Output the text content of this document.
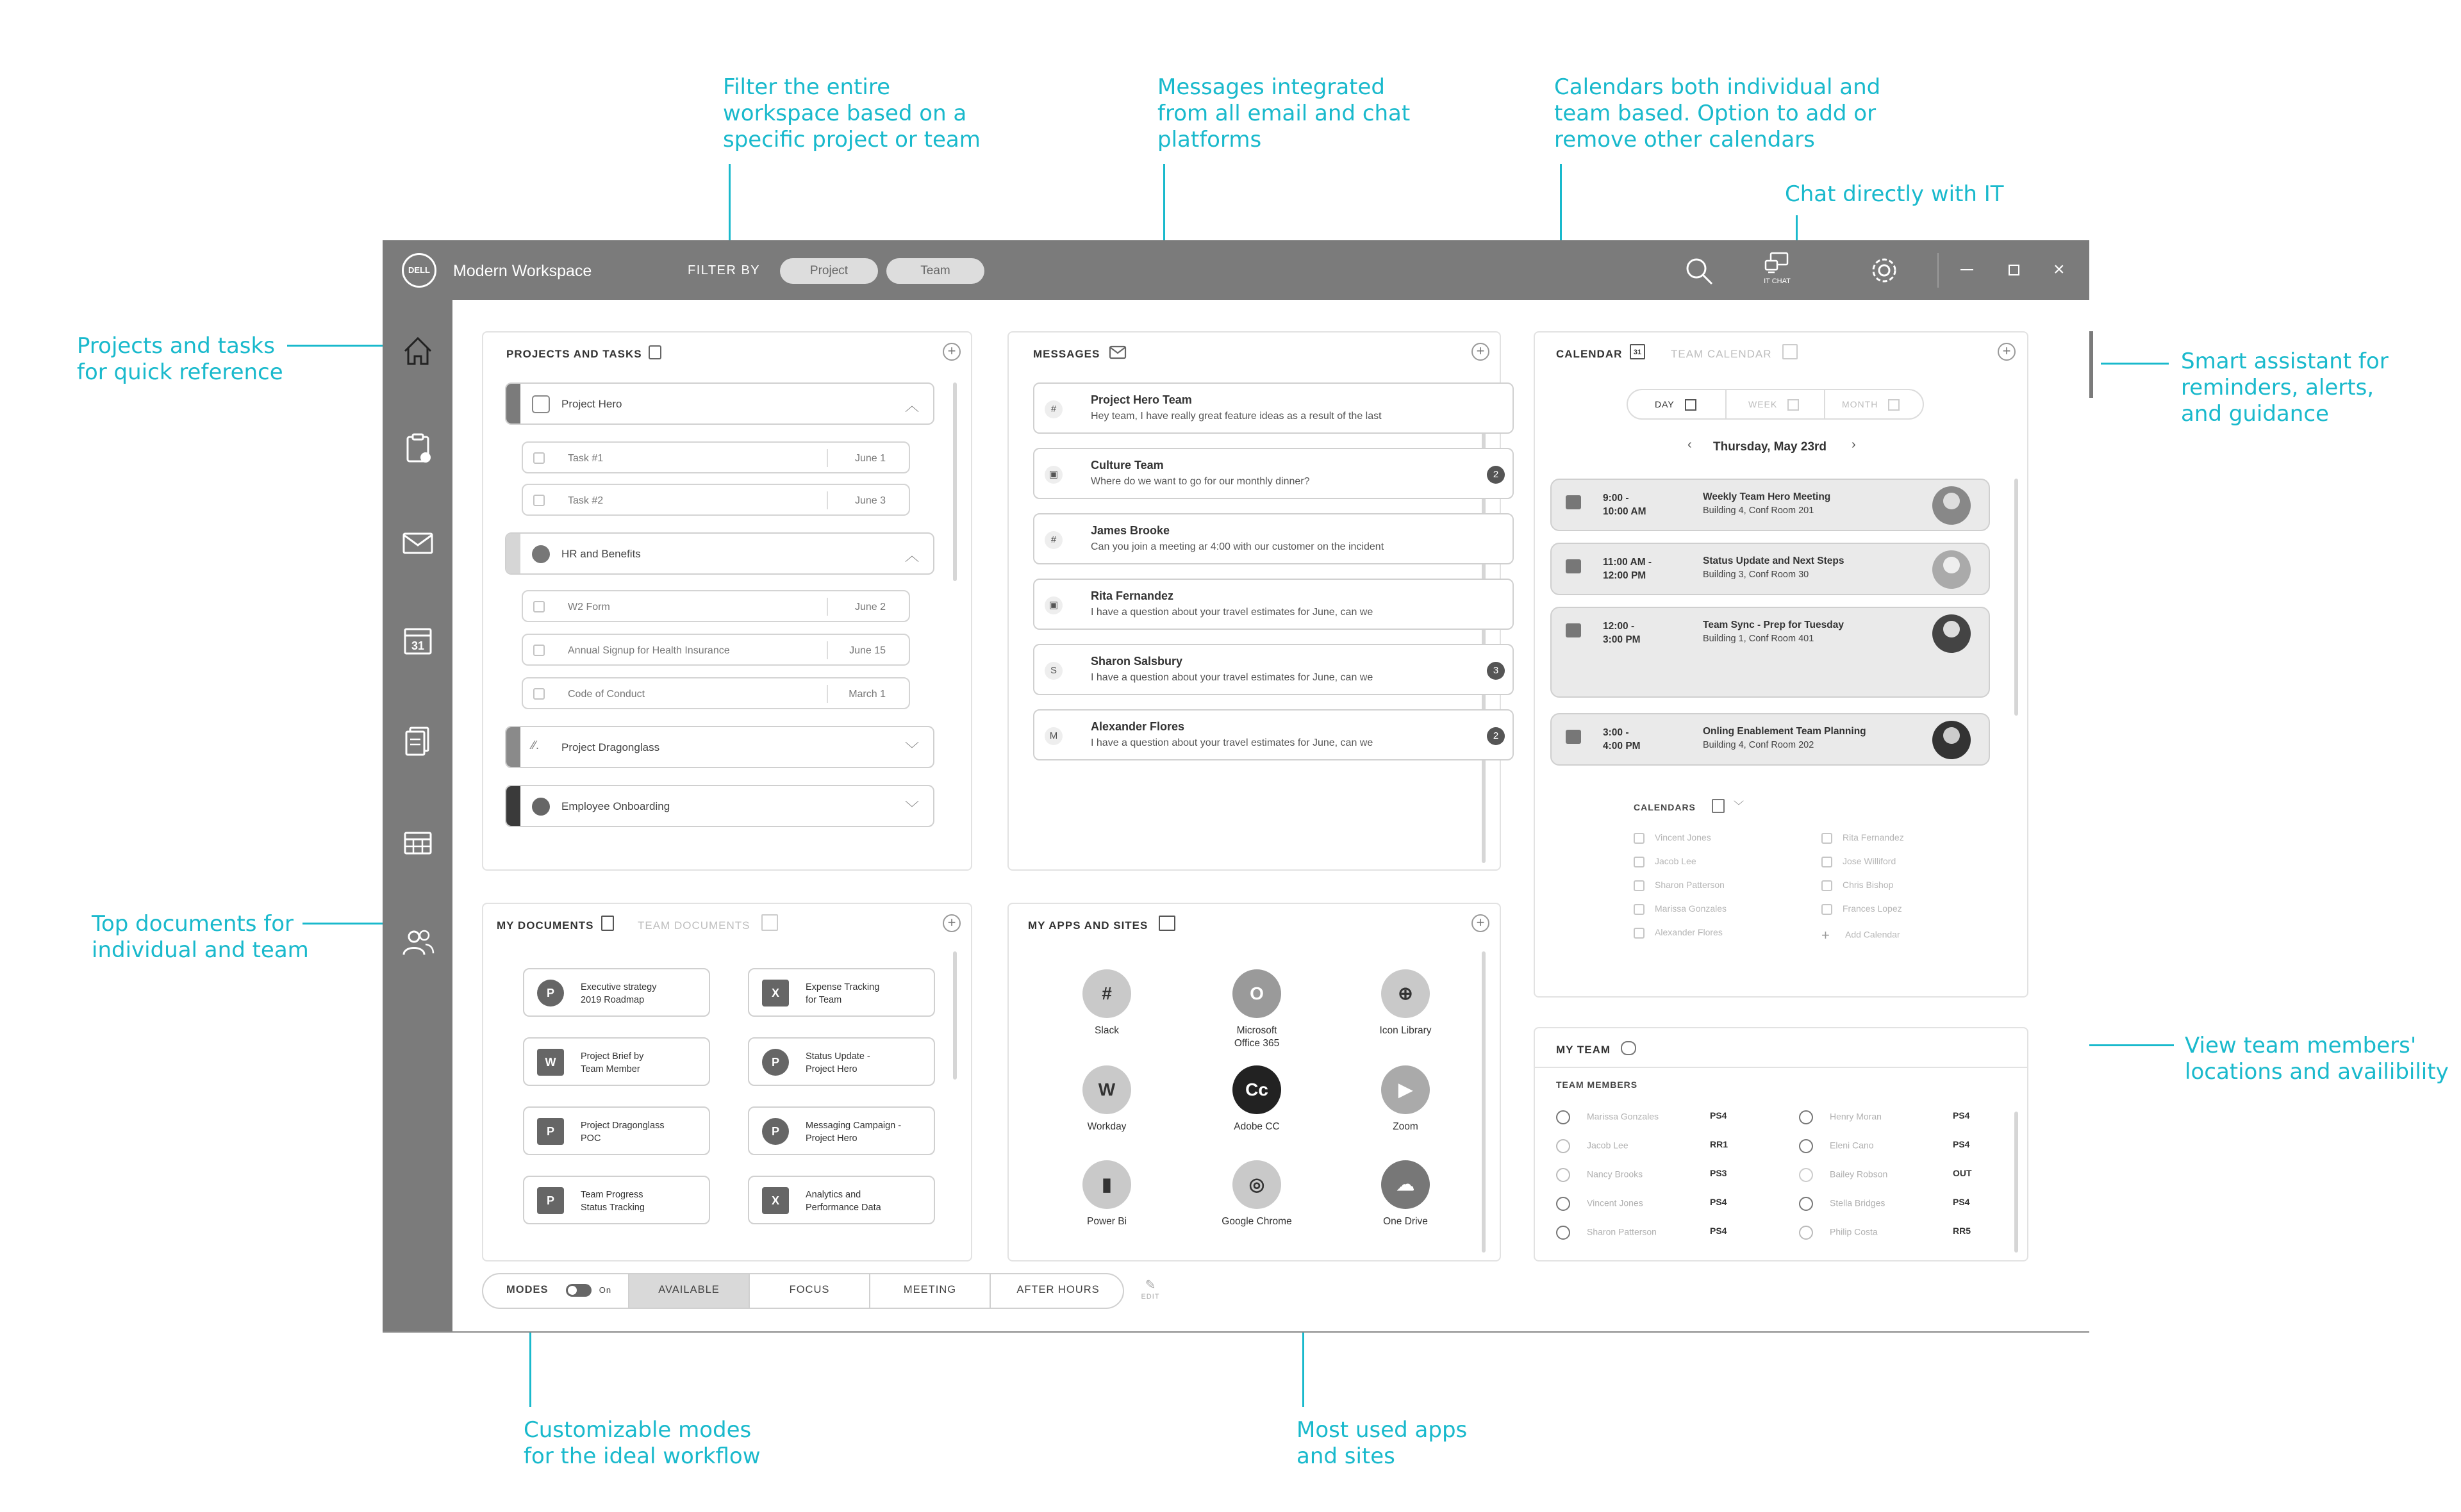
Filter the entire
workspace based on a
specific project or team
Messages integrated
from all email and chat
platforms
Calendars both individual and
team based. Option to add or
remove other calendars
Chat directly with IT
Projects and tasks
for quick reference	Smart assistant for
reminders, alerts,
and guidance
Top documents for
individual and team
View team members'
locations and availibility
Customizable modes
for the ideal workflow
Most used apps
and sites
DELL	Modern Workspace	FILTER BY	Project	Team
IT CHAT
×
31
PROJECTS AND TASKS	+
Project Hero	︿
Task #1	June 1
Task #2	June 3
HR and Benefits	︿
W2 Form	June 2
Annual Signup for Health Insurance	June 15
Code of Conduct	March 1
⁄⁄.	Project Dragonglass	﹀
Employee Onboarding	﹀
MESSAGES	+
#
Project Hero Team
Hey team, I have really great feature ideas as a result of the last
▣
Culture Team
Where do we want to go for our monthly dinner?
2
#
James Brooke
Can you join a meeting ar 4:00 with our customer on the incident
▣
Rita Fernandez
I have a question about your travel estimates for June, can we
S
Sharon Salsbury
I have a question about your travel estimates for June, can we
3
M
Alexander Flores
I have a question about your travel estimates for June, can we
2
CALENDAR	31	TEAM CALENDAR	+
DAY	WEEK	MONTH
‹ Thursday, May 23rd ›
9:00 -
10:00 AM
Weekly Team Hero Meeting
Building 4, Conf Room 201
11:00 AM -
12:00 PM
Status Update and Next Steps
Building 3, Conf Room 30
12:00 -
3:00 PM
Team Sync - Prep for Tuesday
Building 1, Conf Room 401
3:00 -
4:00 PM
Onling Enablement Team Planning
Building 4, Conf Room 202
CALENDARS	﹀
Vincent Jones
Jacob Lee
Sharon Patterson
Marissa Gonzales
Alexander Flores
Rita Fernandez
Jose Williford
Chris Bishop
Frances Lopez
+ Add Calendar
MY DOCUMENTS	TEAM DOCUMENTS	+
P	Executive strategy
2019 Roadmap
X	Expense Tracking
for Team
W	Project Brief by
Team Member
P	Status Update -
Project Hero
P	Project Dragonglass
POC
P	Messaging Campaign -
Project Hero
P	Team Progress
Status Tracking
X	Analytics and
Performance Data
MY APPS AND SITES	+
#
Slack
O
Microsoft
Office 365
⊕
Icon Library
W
Workday
Cc
Adobe CC
▶
Zoom
▮
Power Bi
◎
Google Chrome
☁
One Drive
MY TEAM
TEAM MEMBERS
Marissa Gonzales	PS4
Jacob Lee	RR1
Nancy Brooks	PS3
Vincent Jones	PS4
Sharon Patterson	PS4
Henry Moran	PS4
Eleni Cano	PS4
Bailey Robson	OUT
Stella Bridges	PS4
Philip Costa	RR5
MODES	On	AVAILABLE	FOCUS	MEETING	AFTER HOURS	✎
EDIT
